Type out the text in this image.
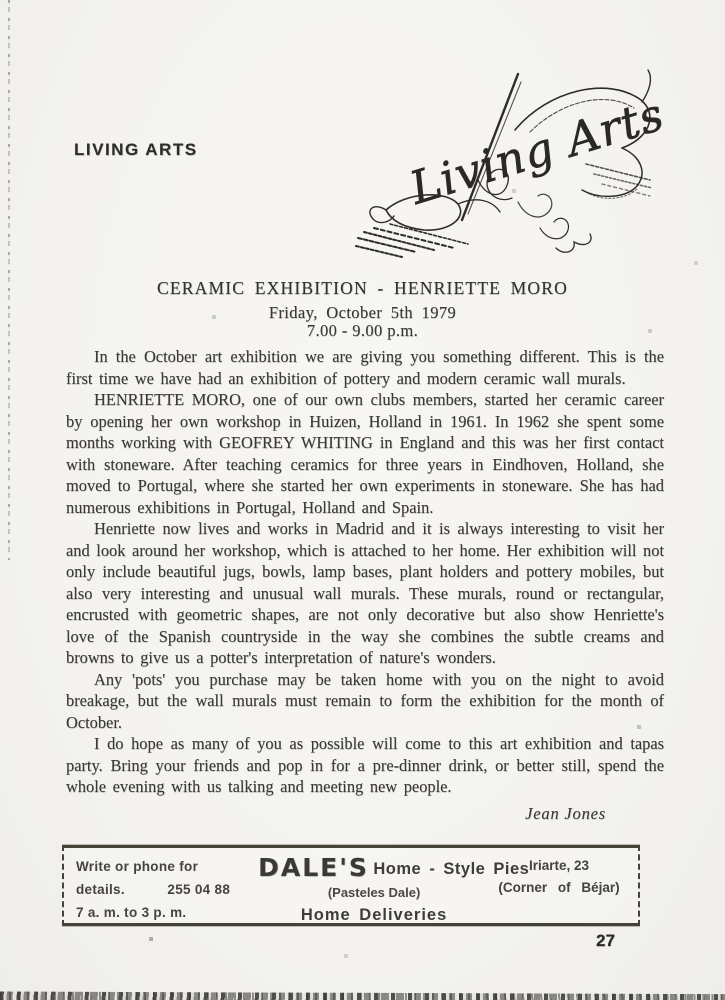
LIVING ARTS	Living Arts
CERAMIC EXHIBITION - HENRIETTE MORO
Friday, October 5th 1979
7.00 - 9.00 p.m.

In the October art exhibition we are giving you something different. This is the first time we have had an exhibition of pottery and modern ceramic wall murals.

HENRIETTE MORO, one of our own clubs members, started her ceramic career by opening her own workshop in Huizen, Holland in 1961. In 1962 she spent some months working with GEOFREY WHITING in England and this was her first contact with stoneware. After teaching ceramics for three years in Eindhoven, Holland, she moved to Portugal, where she started her own experiments in stoneware. She has had numerous exhibitions in Portugal, Holland and Spain.

Henriette now lives and works in Madrid and it is always interesting to visit her and look around her workshop, which is attached to her home. Her exhibition will not only include beautiful jugs, bowls, lamp bases, plant holders and pottery mobiles, but also very interesting and unusual wall murals. These murals, round or rectangular, encrusted with geometric shapes, are not only decorative but also show Henriette's love of the Spanish countryside in the way she combines the subtle creams and browns to give us a potter's interpretation of nature's wonders.

Any 'pots' you purchase may be taken home with you on the night to avoid breakage, but the wall murals must remain to form the exhibition for the month of October.

I do hope as many of you as possible will come to this art exhibition and tapas party. Bring your friends and pop in for a pre-dinner drink, or better still, spend the whole evening with us talking and meeting new people.

Jean Jones
Write or phone for
details.	255 04 88
7 a. m. to 3 p. m.
DALE'S Home - Style Pies
(Pasteles Dale)
Home Deliveries
Iriarte, 23
(Corner of Béjar)
27
